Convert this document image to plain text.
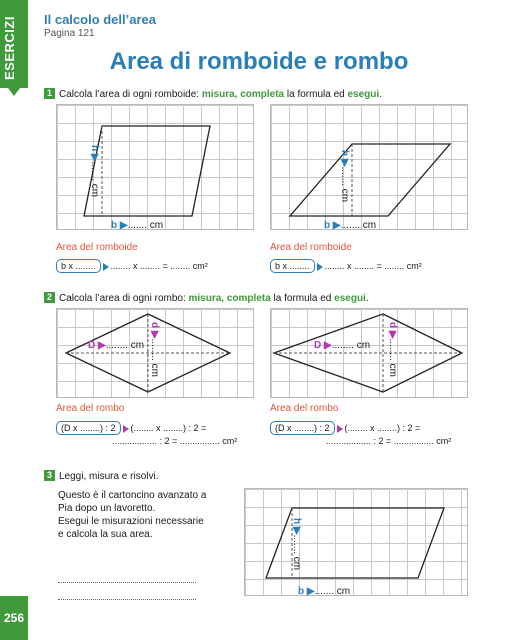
ESERCIZI
256
Il calcolo dell’area
Pagina 121
Area di romboide e rombo
1 Calcola l’area di ogni romboide: misura, completa la formula ed esegui.
h ▶....... cm
b ▶....... cm
h ▶....... cm
b ▶....... cm
Area del romboide
b x ........ ........ x ........ = ........ cm²
Area del romboide
b x ........ ........ x ........ = ........ cm²
2 Calcola l’area di ogni rombo: misura, completa la formula ed esegui.
D ▶........ cm
d ▶........ cm	D ▶........ cm
d ▶........ cm
Area del rombo
(D x ........) : 2 (........ x ........) : 2 =
.................. : 2 = ................ cm²
Area del rombo
(D x ........) : 2 (........ x ........) : 2 =
.................. : 2 = ................ cm²
3 Leggi, misura e risolvi.
Questo è il cartoncino avanzato a
Pia dopo un lavoretto.
Esegui le misurazioni necessarie
e calcola la sua area.	h ▶....... cm
b ▶....... cm
